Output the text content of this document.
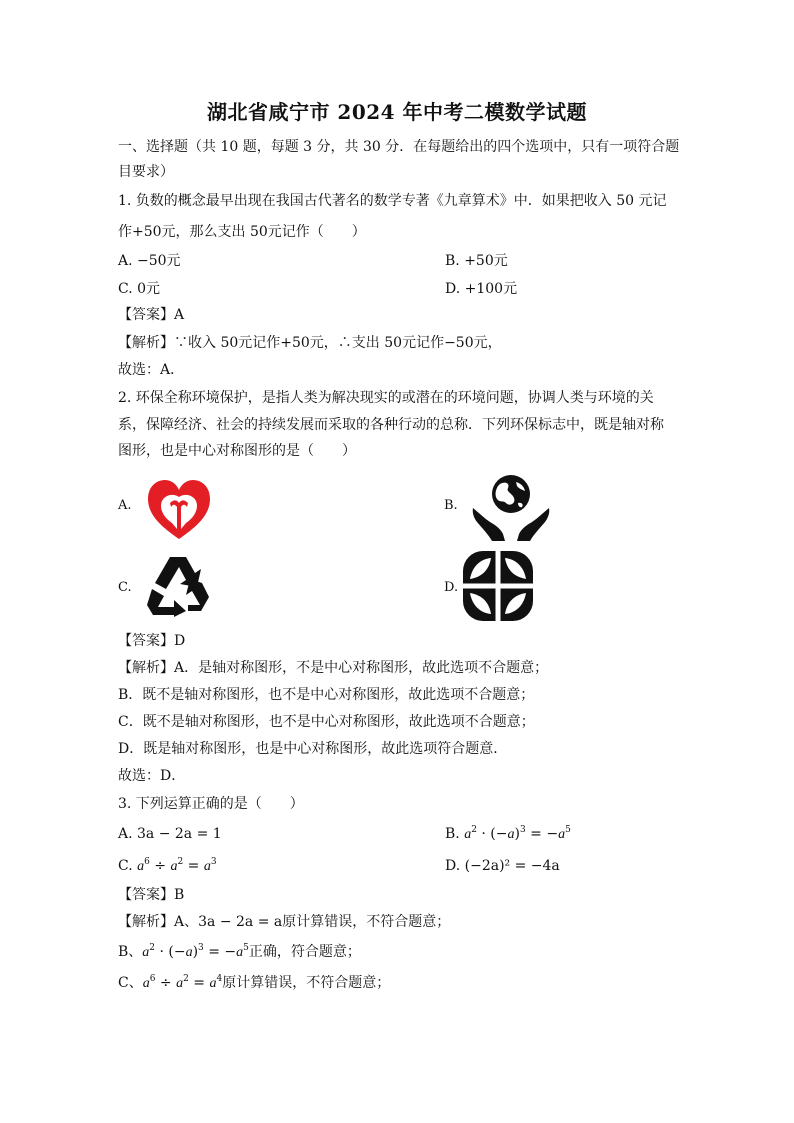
湖北省咸宁市 2024 年中考二模数学试题
一、选择题（共 10 题，每题 3 分，共 30 分．在每题给出的四个选项中，只有一项符合题
目要求）
1. 负数的概念最早出现在我国古代著名的数学专著《九章算术》中．如果把收入 50 元记
作+50元，那么支出 50元记作（　　）
A. −50元	B. +50元
C. 0元	D. +100元
【答案】A
【解析】∵收入 50元记作+50元，∴支出 50元记作−50元，
故选：A．
2. 环保全称环境保护，是指人类为解决现实的或潜在的环境问题，协调人类与环境的关
系，保障经济、社会的持续发展而采取的各种行动的总称．下列环保标志中，既是轴对称
图形，也是中心对称图形的是（　　）
A.	B.
C.	D.
【答案】D
【解析】A．是轴对称图形，不是中心对称图形，故此选项不合题意；
B．既不是轴对称图形，也不是中心对称图形，故此选项不合题意；
C．既不是轴对称图形，也不是中心对称图形，故此选项不合题意；
D．既是轴对称图形，也是中心对称图形，故此选项符合题意．
故选：D．
3. 下列运算正确的是（　　）
A. 3a − 2a = 1	B. $a^2 \cdot (-a)^3 = -a^5$
C. $a^6 \div a^2 = a^3$	D. (−2a)² = −4a
【答案】B
【解析】A、3a − 2a = a原计算错误，不符合题意；
B、$a^2 \cdot (-a)^3 = -a^5$正确，符合题意；
C、$a^6 \div a^2 = a^4$原计算错误，不符合题意；
